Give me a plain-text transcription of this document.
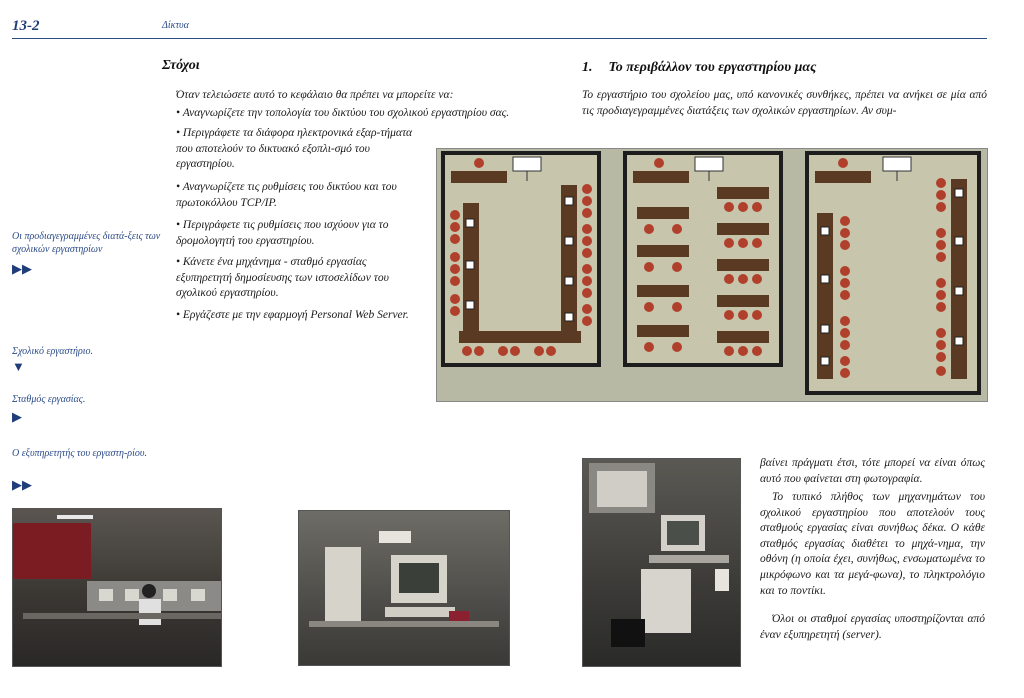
13-2	Δίκτυα
Στόχοι
Όταν τελειώσετε αυτό το κεφάλαιο θα πρέπει να μπορείτε να:
• Αναγνωρίζετε την τοπολογία του δικτύου του σχολικού εργαστηρίου σας.
• Περιγράφετε τα διάφορα ηλεκτρονικά εξαρ-τήματα που αποτελούν το δικτυακό εξοπλι-σμό του εργαστηρίου.
• Αναγνωρίζετε τις ρυθμίσεις του δικτύου και του πρωτοκόλλου TCP/IP.
• Περιγράφετε τις ρυθμίσεις που ισχύουν για το δρομολογητή του εργαστηρίου.
• Κάνετε ένα μηχάνημα - σταθμό εργασίας εξυπηρετητή δημοσίευσης των ιστοσελίδων του σχολικού εργαστηρίου.
• Εργάζεστε με την εφαρμογή Personal Web Server.
Οι προδιαγεγραμμένες διατά-ξεις των σχολικών εργαστηρίων
▶▶
Σχολικό εργαστήριο.
▼
Σταθμός εργασίας.
▶
Ο εξυπηρετητής του εργαστη-ρίου.
▶▶
1. Το περιβάλλον του εργαστηρίου μας
Το εργαστήριο του σχολείου μας, υπό κανονικές συνθήκες, πρέπει να ανήκει σε μία από τις προδιαγεγραμμένες διατάξεις των σχολικών εργαστηρίων. Αν συμ-
βαίνει πράγματι έτσι, τότε μπορεί να είναι όπως αυτό που φαίνεται στη φωτογραφία.
Το τυπικό πλήθος των μηχανημάτων του σχολικού εργαστηρίου που αποτελούν τους σταθμούς εργασίας είναι συνήθως δέκα. Ο κάθε σταθμός εργασίας διαθέτει το μηχά-νημα, την οθόνη (η οποία έχει, συνήθως, ενσωματωμένα το μικρόφωνο και τα μεγά-φωνα), το πληκτρολόγιο και το ποντίκι.
Όλοι οι σταθμοί εργασίας υποστηρίζονται από έναν εξυπηρετητή (server).
